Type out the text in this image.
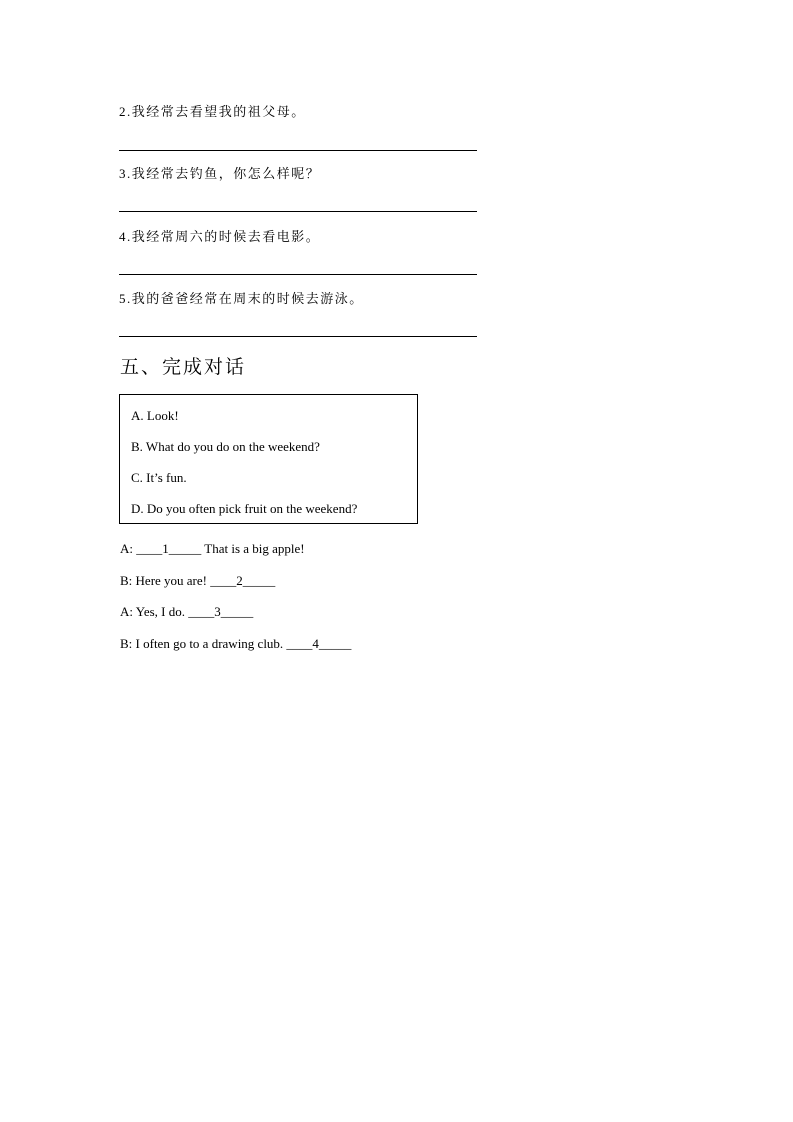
2.我经常去看望我的祖父母。
3.我经常去钓鱼，你怎么样呢？
4.我经常周六的时候去看电影。
5.我的爸爸经常在周末的时候去游泳。
五、完成对话
A. Look!
B. What do you do on the weekend?
C. It’s fun.
D. Do you often pick fruit on the weekend?
A: ____1_____ That is a big apple!
B: Here you are! ____2_____
A: Yes, I do. ____3_____
B: I often go to a drawing club. ____4_____
